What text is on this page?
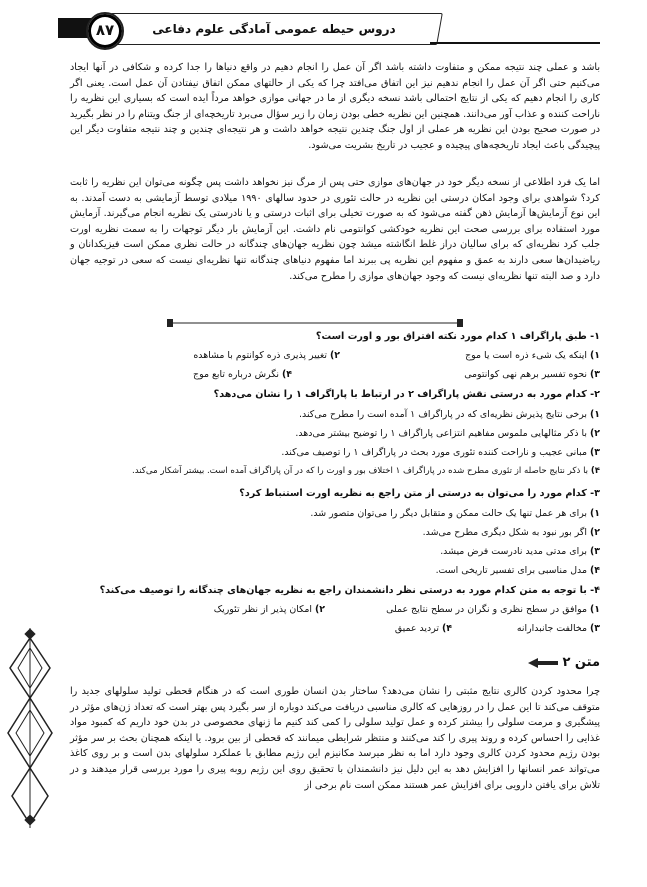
دروس حیطه عمومی آمادگی علوم دفاعی
۸۷
باشد و عملی چند نتیجه ممکن و متفاوت داشته باشد اگر آن عمل را انجام دهیم در واقع دنیاها را جدا کرده و شکافی در آنها ایجاد می‌کنیم حتی اگر آن عمل را انجام ندهیم نیز این اتفاق می‌افتد چرا که یکی از حالتهای ممکن اتفاق نیفتادن آن عمل است. یعنی اگر کاری را انجام دهیم که یکی از نتایج احتمالی باشد نسخه دیگری از ما در جهانی موازی خواهد مرداً ایده است که بسیاری این نظریه را ناراحت کننده و عذاب آور می‌دانند. همچنین این نظریه خطی بودن زمان را زیر سؤال می‌برد تاریخچه‌ای از جنگ ویتنام را در نظر بگیرید در صورت صحیح بودن این نظریه هر عملی از اول جنگ چندین نتیجه خواهد داشت و هر نتیجه‌ای چندین و چند نتیجه متفاوت دیگر این پیچیدگی باعث ایجاد تاریخچه‌های پیچیده و عجیب در تاریخ بشریت می‌شود.
اما یک فرد اطلاعی از نسخه دیگر خود در جهان‌های موازی حتی پس از مرگ نیز نخواهد داشت پس چگونه می‌توان این نظریه را ثابت کرد؟ شواهدی برای وجود امکان درستی این نظریه در حالت تئوری در حدود سالهای ۱۹۹۰ میلادی توسط آزمایشی به دست آمدند. به این نوع آزمایش‌ها آزمایش ذهن گفته می‌شود که به صورت تخیلی برای اثبات درستی و یا نادرستی یک نظریه انجام می‌گیرند. آزمایش مورد استفاده برای بررسی صحت این نظریه خودکشی کوانتومی نام داشت. این آزمایش بار دیگر توجهات را به سمت نظریه اورت جلب کرد نظریه‌ای که برای سالیان دراز غلط انگاشته میشد چون نظریه جهان‌های چندگانه در حالت نظری ممکن است فیزیکدانان و ریاضیدان‌ها سعی دارند به عمق و مفهوم این نظریه پی ببرند اما مفهوم دنیاهای چندگانه تنها نظریه‌ای نیست که سعی در توجیه جهان دارد و صد البته تنها نظریه‌ای نیست که وجود جهان‌های موازی را مطرح می‌کند.
۱- طبق پاراگراف ۱ کدام مورد نکته افتراق بور و اورت است؟
۱) اینکه یک شیء ذره است یا موج
۲) تغییر پذیری ذره کوانتوم با مشاهده
۳) نحوه تفسیر برهم نهی کوانتومی
۴) نگرش درباره تابع موج
۲- کدام مورد به درستی نقش پاراگراف ۲ در ارتباط با پاراگراف ۱ را نشان می‌دهد؟
۱) برخی نتایج پذیرش نظریه‌ای که در پاراگراف ۱ آمده است را مطرح می‌کند.
۲) با ذکر مثالهایی ملموس مفاهیم انتزاعی پاراگراف ۱ را توضیح بیشتر می‌دهد.
۳) مبانی عجیب و ناراحت کننده تئوری مورد بحث در پاراگراف ۱ را توصیف می‌کند.
۴) با ذکر نتایج حاصله از تئوری مطرح شده در پاراگراف ۱ اختلاف بور و اورت را که در آن پاراگراف آمده است. بیشتر آشکار می‌کند.
۳- کدام مورد را می‌توان به درستی از متن راجع به نظریه اورت استنباط کرد؟
۱) برای هر عمل تنها یک حالت ممکن و متقابل دیگر را می‌توان متصور شد.
۲) اگر بور نبود به شکل دیگری مطرح می‌شد.
۳) برای مدتی مدید نادرست فرض میشد.
۴) مدل مناسبی برای تفسیر تاریخی است.
۴- با توجه به متن کدام مورد به درستی نظر دانشمندان راجع به نظریه جهان‌های چندگانه را توصیف می‌کند؟
۱) موافق در سطح نظری و نگران در سطح نتایج عملی
۲) امکان پذیر از نظر تئوریک
۳) مخالفت جانبدارانه
۴) تردید عمیق
متن ۲
چرا محدود کردن کالری نتایج مثبتی را نشان می‌دهد؟ ساختار بدن انسان طوری است که در هنگام قحطی تولید سلولهای جدید را متوقف می‌کند تا این عمل را در روزهایی که کالری مناسبی دریافت می‌کند دوباره از سر بگیرد پس بهتر است که تعداد ژن‌های مؤثر در پیشگیری و مرمت سلولی را بیشتر کرده و عمل تولید سلولی را کمی کند کنیم ما ژنهای مخصوصی در بدن خود داریم که کمبود مواد غذایی را احساس کرده و روند پیری را کند می‌کنند و منتظر شرایطی میمانند که قحطی از بین برود. یا اینکه همچنان بحث بر سر مؤثر بودن رژیم محدود کردن کالری وجود دارد اما به نظر میرسد مکانیزم این رژیم مطابق با عملکرد سلولهای بدن است و بر روی کاغذ می‌تواند عمر انسانها را افزایش دهد به این دلیل نیز دانشمندان با تحقیق روی این رژیم روبه پیری را مورد بررسی قرار میدهند و در تلاش برای یافتن دارویی برای افزایش عمر هستند ممکن است نام برخی از
